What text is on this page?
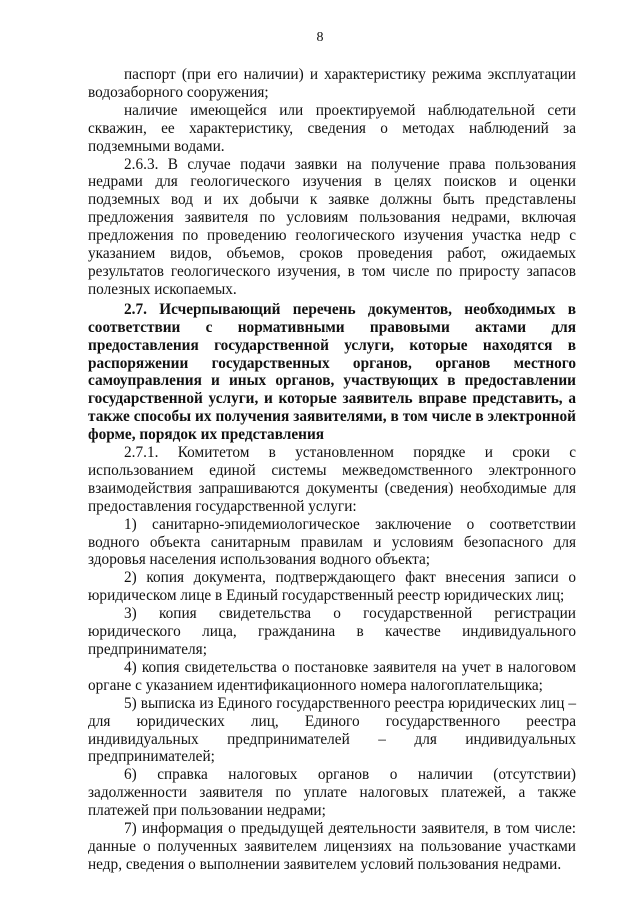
8

паспорт (при его наличии) и характеристику режима эксплуатации водозаборного сооружения;

наличие имеющейся или проектируемой наблюдательной сети скважин, ее характеристику, сведения о методах наблюдений за подземными водами.

2.6.3. В случае подачи заявки на получение права пользования недрами для геологического изучения в целях поисков и оценки подземных вод и их добычи к заявке должны быть представлены предложения заявителя по условиям пользования недрами, включая предложения по проведению геологического изучения участка недр с указанием видов, объемов, сроков проведения работ, ожидаемых результатов геологического изучения, в том числе по приросту запасов полезных ископаемых.

2.7. Исчерпывающий перечень документов, необходимых в соответствии с нормативными правовыми актами для предоставления государственной услуги, которые находятся в распоряжении государственных органов, органов местного самоуправления и иных органов, участвующих в предоставлении государственной услуги, и которые заявитель вправе представить, а также способы их получения заявителями, в том числе в электронной форме, порядок их представления

2.7.1. Комитетом в установленном порядке и сроки с использованием единой системы межведомственного электронного взаимодействия запрашиваются документы (сведения) необходимые для предоставления государственной услуги:

1) санитарно-эпидемиологическое заключение о соответствии водного объекта санитарным правилам и условиям безопасного для здоровья населения использования водного объекта;

2) копия документа, подтверждающего факт внесения записи о юридическом лице в Единый государственный реестр юридических лиц;

3) копия свидетельства о государственной регистрации юридического лица, гражданина в качестве индивидуального предпринимателя;

4) копия свидетельства о постановке заявителя на учет в налоговом органе с указанием идентификационного номера налогоплательщика;

5) выписка из Единого государственного реестра юридических лиц – для юридических лиц, Единого государственного реестра индивидуальных предпринимателей – для индивидуальных предпринимателей;

6) справка налоговых органов о наличии (отсутствии) задолженности заявителя по уплате налоговых платежей, а также платежей при пользовании недрами;

7) информация о предыдущей деятельности заявителя, в том числе: данные о полученных заявителем лицензиях на пользование участками недр, сведения о выполнении заявителем условий пользования недрами.
